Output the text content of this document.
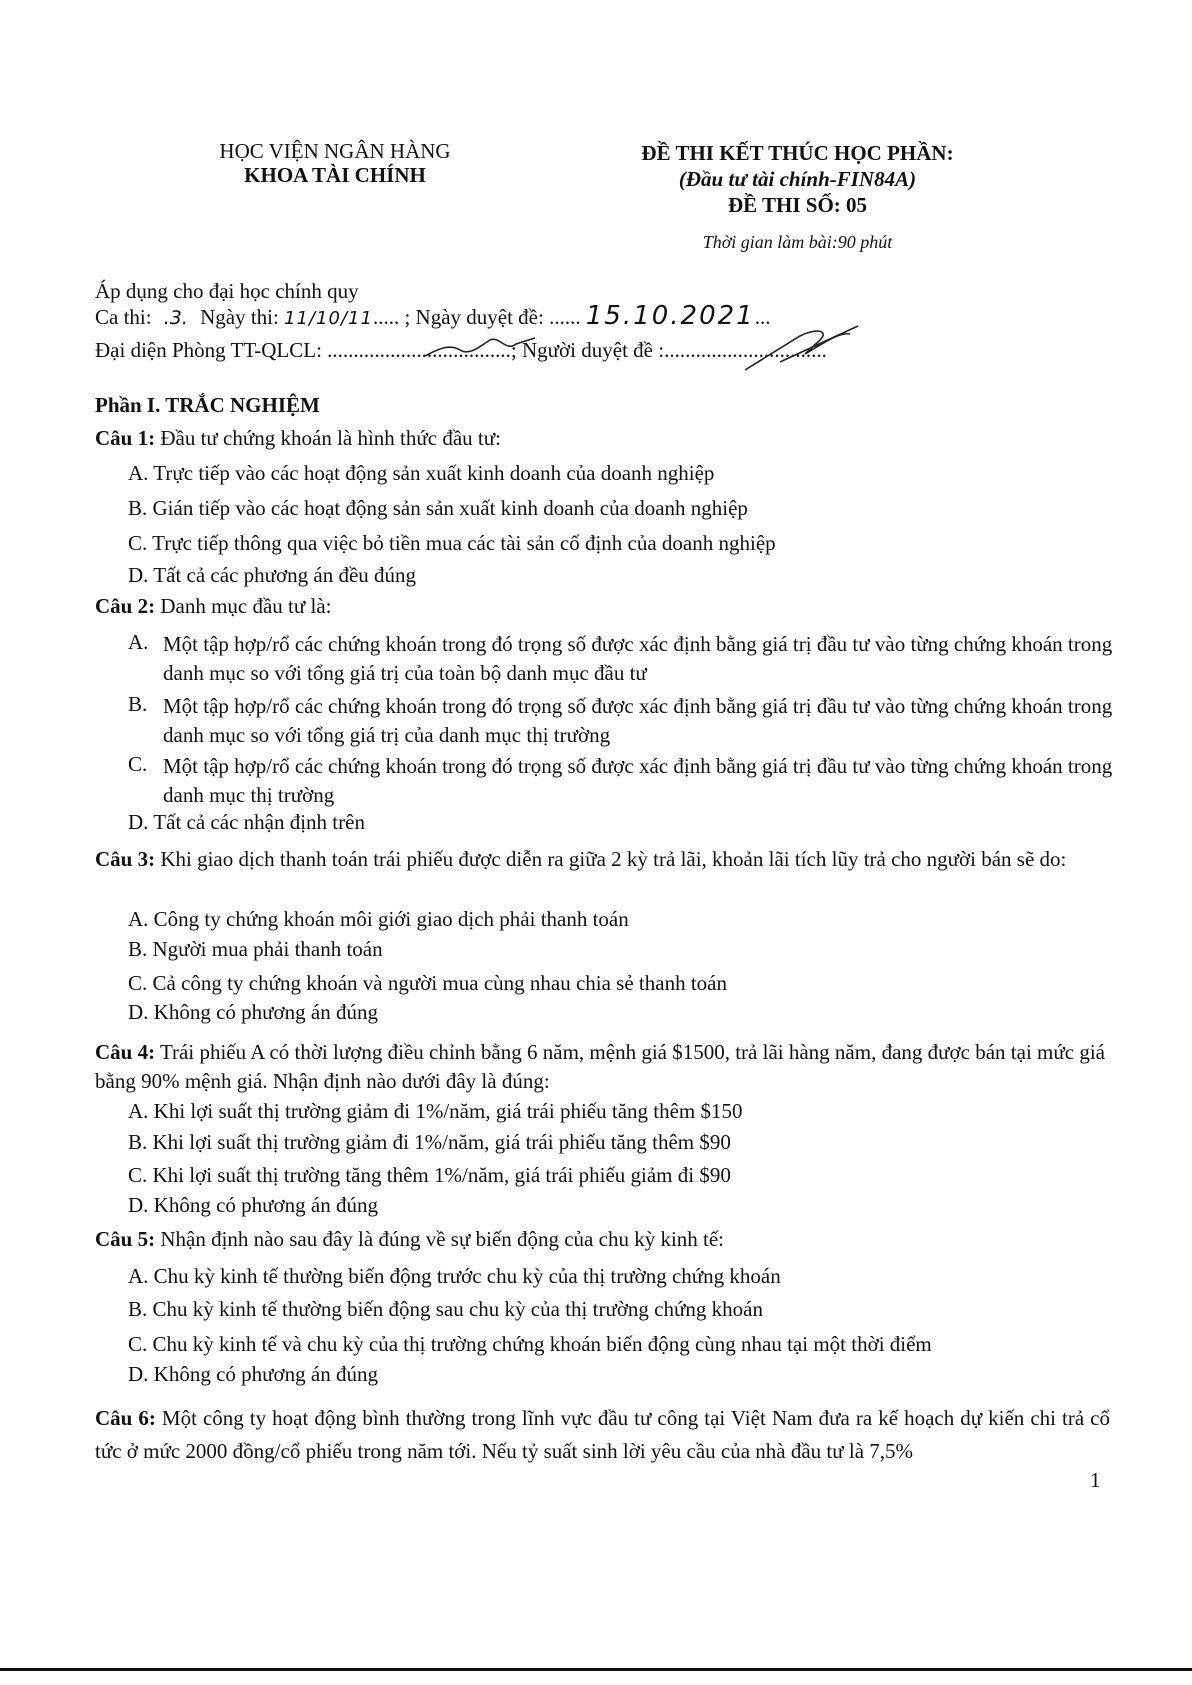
HỌC VIỆN NGÂN HÀNG
KHOA TÀI CHÍNH
ĐỀ THI KẾT THÚC HỌC PHẦN:
(Đầu tư tài chính-FIN84A)
ĐỀ THI SỐ: 05
Thời gian làm bài:90 phút
Áp dụng cho đại học chính quy
Ca thi: .3. Ngày thi: 11/10/11..... ; Ngày duyệt đề: ...... 15.10.2021...
Đại diện Phòng TT-QLCL: ...................................; Người duyệt đề :...............................
Phần I. TRẮC NGHIỆM
Câu 1: Đầu tư chứng khoán là hình thức đầu tư:
A. Trực tiếp vào các hoạt động sản xuất kinh doanh của doanh nghiệp
B. Gián tiếp vào các hoạt động sản sản xuất kinh doanh của doanh nghiệp
C. Trực tiếp thông qua việc bỏ tiền mua các tài sản cố định của doanh nghiệp
D. Tất cả các phương án đều đúng
Câu 2: Danh mục đầu tư là:
A. Một tập hợp/rổ các chứng khoán trong đó trọng số được xác định bằng giá trị đầu tư vào từng chứng khoán trong danh mục so với tổng giá trị của toàn bộ danh mục đầu tư
B. Một tập hợp/rổ các chứng khoán trong đó trọng số được xác định bằng giá trị đầu tư vào từng chứng khoán trong danh mục so với tổng giá trị của danh mục thị trường
C. Một tập hợp/rổ các chứng khoán trong đó trọng số được xác định bằng giá trị đầu tư vào từng chứng khoán trong danh mục thị trường
D. Tất cả các nhận định trên
Câu 3: Khi giao dịch thanh toán trái phiếu được diễn ra giữa 2 kỳ trả lãi, khoản lãi tích lũy trả cho người bán sẽ do:
A. Công ty chứng khoán môi giới giao dịch phải thanh toán
B. Người mua phải thanh toán
C. Cả công ty chứng khoán và người mua cùng nhau chia sẻ thanh toán
D. Không có phương án đúng
Câu 4: Trái phiếu A có thời lượng điều chỉnh bằng 6 năm, mệnh giá $1500, trả lãi hàng năm, đang được bán tại mức giá bằng 90% mệnh giá. Nhận định nào dưới đây là đúng:
A. Khi lợi suất thị trường giảm đi 1%/năm, giá trái phiếu tăng thêm $150
B. Khi lợi suất thị trường giảm đi 1%/năm, giá trái phiếu tăng thêm $90
C. Khi lợi suất thị trường tăng thêm 1%/năm, giá trái phiếu giảm đi $90
D. Không có phương án đúng
Câu 5: Nhận định nào sau đây là đúng về sự biến động của chu kỳ kinh tế:
A. Chu kỳ kinh tế thường biến động trước chu kỳ của thị trường chứng khoán
B. Chu kỳ kinh tế thường biến động sau chu kỳ của thị trường chứng khoán
C. Chu kỳ kinh tế và chu kỳ của thị trường chứng khoán biến động cùng nhau tại một thời điểm
D. Không có phương án đúng
Câu 6: Một công ty hoạt động bình thường trong lĩnh vực đầu tư công tại Việt Nam đưa ra kế hoạch dự kiến chi trả cổ tức ở mức 2000 đồng/cổ phiếu trong năm tới. Nếu tỷ suất sinh lời yêu cầu của nhà đầu tư là 7,5%
1
